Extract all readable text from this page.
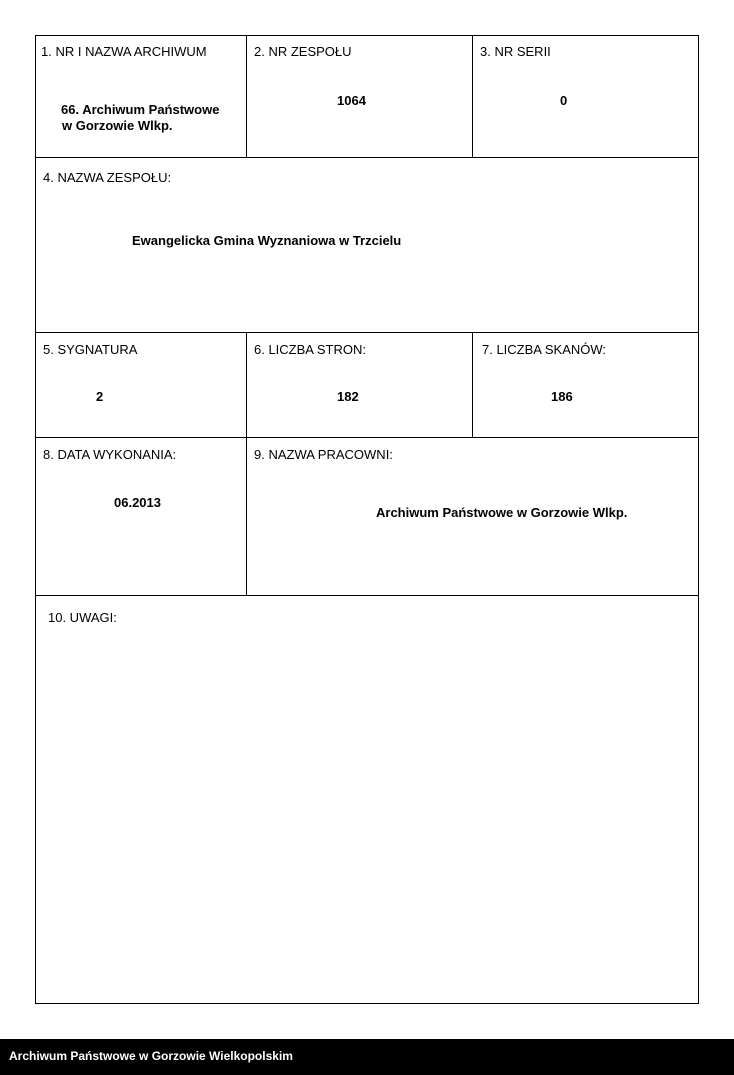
1. NR I NAZWA ARCHIWUM
66. Archiwum Państwowe
w Gorzowie Wlkp.
2. NR ZESPOŁU
1064
3. NR SERII
0
4. NAZWA ZESPOŁU:
Ewangelicka Gmina Wyznaniowa w Trzcielu
5. SYGNATURA
2
6. LICZBA STRON:
182
7. LICZBA SKANÓW:
186
8. DATA WYKONANIA:
06.2013
9. NAZWA PRACOWNI:
Archiwum Państwowe w Gorzowie Wlkp.
10. UWAGI:
Archiwum Państwowe w Gorzowie Wielkopolskim
